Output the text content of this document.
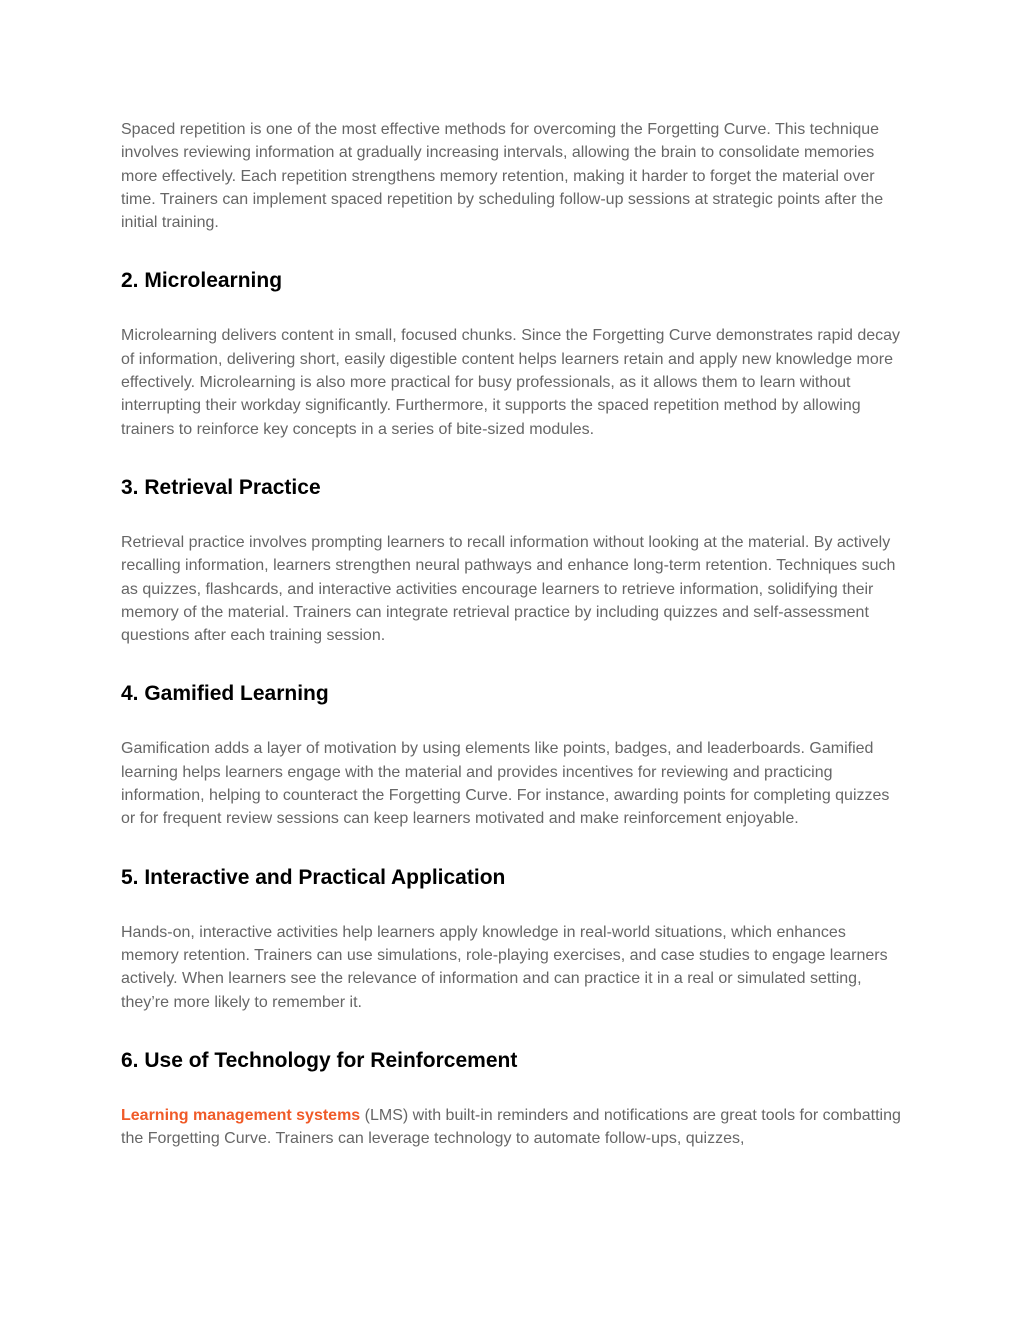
Spaced repetition is one of the most effective methods for overcoming the Forgetting Curve. This technique involves reviewing information at gradually increasing intervals, allowing the brain to consolidate memories more effectively. Each repetition strengthens memory retention, making it harder to forget the material over time. Trainers can implement spaced repetition by scheduling follow-up sessions at strategic points after the initial training.

2. Microlearning

Microlearning delivers content in small, focused chunks. Since the Forgetting Curve demonstrates rapid decay of information, delivering short, easily digestible content helps learners retain and apply new knowledge more effectively. Microlearning is also more practical for busy professionals, as it allows them to learn without interrupting their workday significantly. Furthermore, it supports the spaced repetition method by allowing trainers to reinforce key concepts in a series of bite-sized modules.

3. Retrieval Practice

Retrieval practice involves prompting learners to recall information without looking at the material. By actively recalling information, learners strengthen neural pathways and enhance long-term retention. Techniques such as quizzes, flashcards, and interactive activities encourage learners to retrieve information, solidifying their memory of the material. Trainers can integrate retrieval practice by including quizzes and self-assessment questions after each training session.

4. Gamified Learning

Gamification adds a layer of motivation by using elements like points, badges, and leaderboards. Gamified learning helps learners engage with the material and provides incentives for reviewing and practicing information, helping to counteract the Forgetting Curve. For instance, awarding points for completing quizzes or for frequent review sessions can keep learners motivated and make reinforcement enjoyable.

5. Interactive and Practical Application

Hands-on, interactive activities help learners apply knowledge in real-world situations, which enhances memory retention. Trainers can use simulations, role-playing exercises, and case studies to engage learners actively. When learners see the relevance of information and can practice it in a real or simulated setting, they’re more likely to remember it.

6. Use of Technology for Reinforcement

Learning management systems (LMS) with built-in reminders and notifications are great tools for combatting the Forgetting Curve. Trainers can leverage technology to automate follow-ups, quizzes,
